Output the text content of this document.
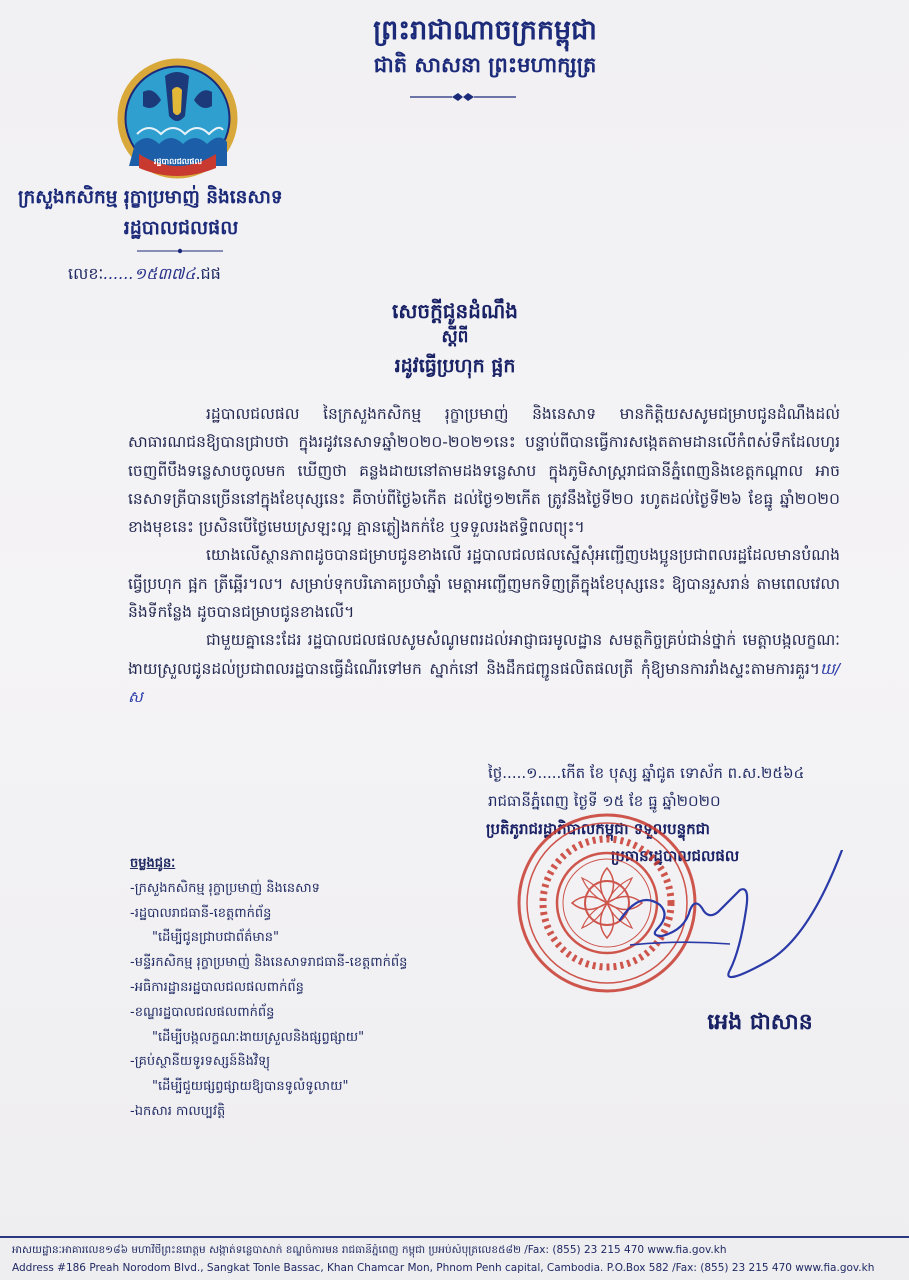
ព្រះរាជាណាចក្រកម្ពុជា
ជាតិ សាសនា ព្រះមហាក្សត្រ
រដ្ឋបាលជលផល
ក្រសួងកសិកម្ម រុក្ខាប្រមាញ់ និងនេសាទ
រដ្ឋបាលជលផល
លេខៈ......១៥៣៧៤.ជផ
សេចក្តីជូនដំណឹង
ស្តីពី
រដូវធ្វើប្រហុក ផ្អក

រដ្ឋបាលជលផល នៃក្រសួងកសិកម្ម រុក្ខាប្រមាញ់ និងនេសាទ មានកិត្តិយសសូមជម្រាបជូនដំណឹងដល់សាធារណជនឱ្យបានជ្រាបថា ក្នុងរដូវនេសាទឆ្នាំ២០២០-២០២១នេះ បន្ទាប់ពីបានធ្វើការសង្កេតតាមដានលើកំពស់ទឹកដែលហូរចេញពីបឹងទន្លេសាបចូលមក ឃើញថា គន្លងដាយនៅតាមដងទន្លេសាប ក្នុងភូមិសាស្ត្ររាជធានីភ្នំពេញនិងខេត្តកណ្តាល អាចនេសាទត្រីបានច្រើននៅក្នុងខែបុស្សនេះ គឺចាប់ពីថ្ងៃ៦កើត ដល់ថ្ងៃ១២កើត ត្រូវនឹងថ្ងៃទី២០ រហូតដល់ថ្ងៃទី២៦ ខែធ្នូ ឆ្នាំ២០២០ ខាងមុខនេះ ប្រសិនបើថ្ងៃមេឃស្រឡះល្អ គ្មានភ្លៀងកក់ខែ ឬទទួលរងឥទ្ធិពលព្យុះ។

យោងលើស្ថានភាពដូចបានជម្រាបជូនខាងលើ រដ្ឋបាលជលផលស្នើសុំអញ្ជើញបងប្អូនប្រជាពលរដ្ឋដែលមានបំណងធ្វើប្រហុក ផ្អក ត្រីឆ្អើរ។ល។ សម្រាប់ទុកបរិភោគប្រចាំឆ្នាំ មេត្តាអញ្ជើញមកទិញត្រីក្នុងខែបុស្សនេះ ឱ្យបានរួសរាន់ តាមពេលវេលា និងទីកន្លែង ដូចបានជម្រាបជូនខាងលើ។

ជាមួយគ្នានេះដែរ រដ្ឋបាលជលផលសូមសំណូមពរដល់អាជ្ញាធរមូលដ្ឋាន សមត្ថកិច្ចគ្រប់ជាន់ថ្នាក់ មេត្តាបង្កលក្ខណៈងាយស្រួលជូនដល់ប្រជាពលរដ្ឋបានធ្វើដំណើរទៅមក ស្នាក់នៅ និងដឹកជញ្ជូនផលិតផលត្រី កុំឱ្យមានការរាំងស្ទះតាមការគួរ។ឃ/ស

ថ្ងៃ.....១.....កើត ខែ បុស្ស ឆ្នាំជូត ទោស័ក ព.ស.២៥៦៤
រាជធានីភ្នំពេញ ថ្ងៃទី ១៥ ខែ ធ្នូ ឆ្នាំ២០២០
ប្រតិភូរាជរដ្ឋាភិបាលកម្ពុជា ទទួលបន្ទុកជា
ប្រធានរដ្ឋបាលជលផល
អេង ជាសាន
ចម្លងជូនៈ
-ក្រសួងកសិកម្ម រុក្ខាប្រមាញ់ និងនេសាទ
-រដ្ឋបាលរាជធានី-ខេត្តពាក់ព័ន្ធ
"ដើម្បីជូនជ្រាបជាព័ត៌មាន"
-មន្ទីរកសិកម្ម រុក្ខាប្រមាញ់ និងនេសាទរាជធានី-ខេត្តពាក់ព័ន្ធ
-អធិការដ្ឋានរដ្ឋបាលជលផលពាក់ព័ន្ធ
-ខណ្ឌរដ្ឋបាលជលផលពាក់ព័ន្ធ
"ដើម្បីបង្កលក្ខណៈងាយស្រួលនិងផ្សព្វផ្សាយ"
-គ្រប់ស្ថានីយទូរទស្សន៍និងវិទ្យុ
"ដើម្បីជួយផ្សព្វផ្សាយឱ្យបានទូលំទូលាយ"
-ឯកសារ កាលប្បវត្តិ
អាសយដ្ឋានៈអាគារលេខ១៨៦ មហាវិថីព្រះនរោត្តម សង្កាត់ទន្លេបាសាក់ ខណ្ឌចំការមន រាជធានីភ្នំពេញ កម្ពុជា ប្រអប់សំបុត្រលេខ៥៨២ /Fax: (855) 23 215 470 www.fia.gov.kh
Address #186 Preah Norodom Blvd., Sangkat Tonle Bassac, Khan Chamcar Mon, Phnom Penh capital, Cambodia. P.O.Box 582 /Fax: (855) 23 215 470 www.fia.gov.kh
